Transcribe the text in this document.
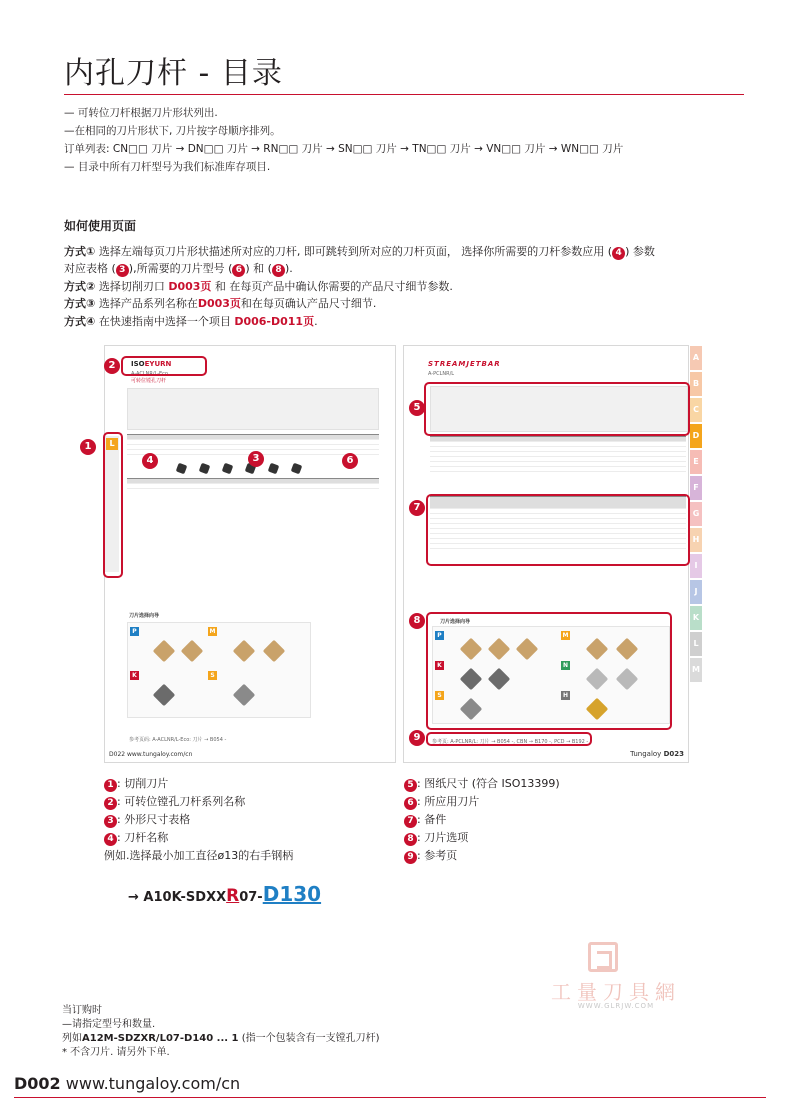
内孔刀杆 - 目录
— 可转位刀杆根据刀片形状列出.
—在相同的刀片形状下, 刀片按字母顺序排列。
订单列表: CN□□ 刀片 → DN□□ 刀片 → RN□□ 刀片 → SN□□ 刀片 → TN□□ 刀片 → VN□□ 刀片 → WN□□ 刀片
— 目录中所有刀杆型号为我们标准库存项目.
如何使用页面
方式① 选择左端每页刀片形状描述所对应的刀杆, 即可跳转到所对应的刀杆页面， 选择你所需要的刀杆参数应用 ( 4 ) 参数
对应表格 ( 3 ),所需要的刀片型号 ( 6 ) 和 ( 8 ).
方式② 选择切削刃口 D003页 和 在每页产品中确认你需要的产品尺寸细节参数.
方式③ 选择产品系列名称在D003页和在每页确认产品尺寸细节.
方式④ 在快速指南中选择一个项目 D006-D011页.
L
ISOEYURN
A-ACLNR/L-Eco
可转位镗孔刀杆
刀片选择向导
P	M
K	S
参考页码: A-ACLNR/L-Eco: 刀片 → B054 -
D022 www.tungaloy.com/cn
STREAMJETBAR
A-PCLNR/L
刀片选择向导
P	M
K	N
S	H
参考页: A-PCLNR/L: 刀片 → B054 -, CBN → B170 -, PCD → B192 -
Tungaloy D023
A
B
C
D
E
F
G
H
I
J
K
L
M
1
2
3
4
5
6
7
8
9
1 : 切削刀片
2 : 可转位镗孔刀杆系列名称
3 : 外形尺寸表格
4 : 刀杆名称
例如.选择最小加工直径ø13的右手钢柄
5 : 图纸尺寸 (符合 ISO13399)
6 : 所应用刀片
7 : 备件
8 : 刀片选项
9 : 参考页
→ A10K-SDXXR07-D130
工量刀具網
WWW.GLRJW.COM
当订购时
—请指定型号和数量.
列如A12M-SDZXR/L07-D140 ... 1 (指一个包装含有一支镗孔刀杆)
* 不含刀片. 请另外下单.
D002 www.tungaloy.com/cn
